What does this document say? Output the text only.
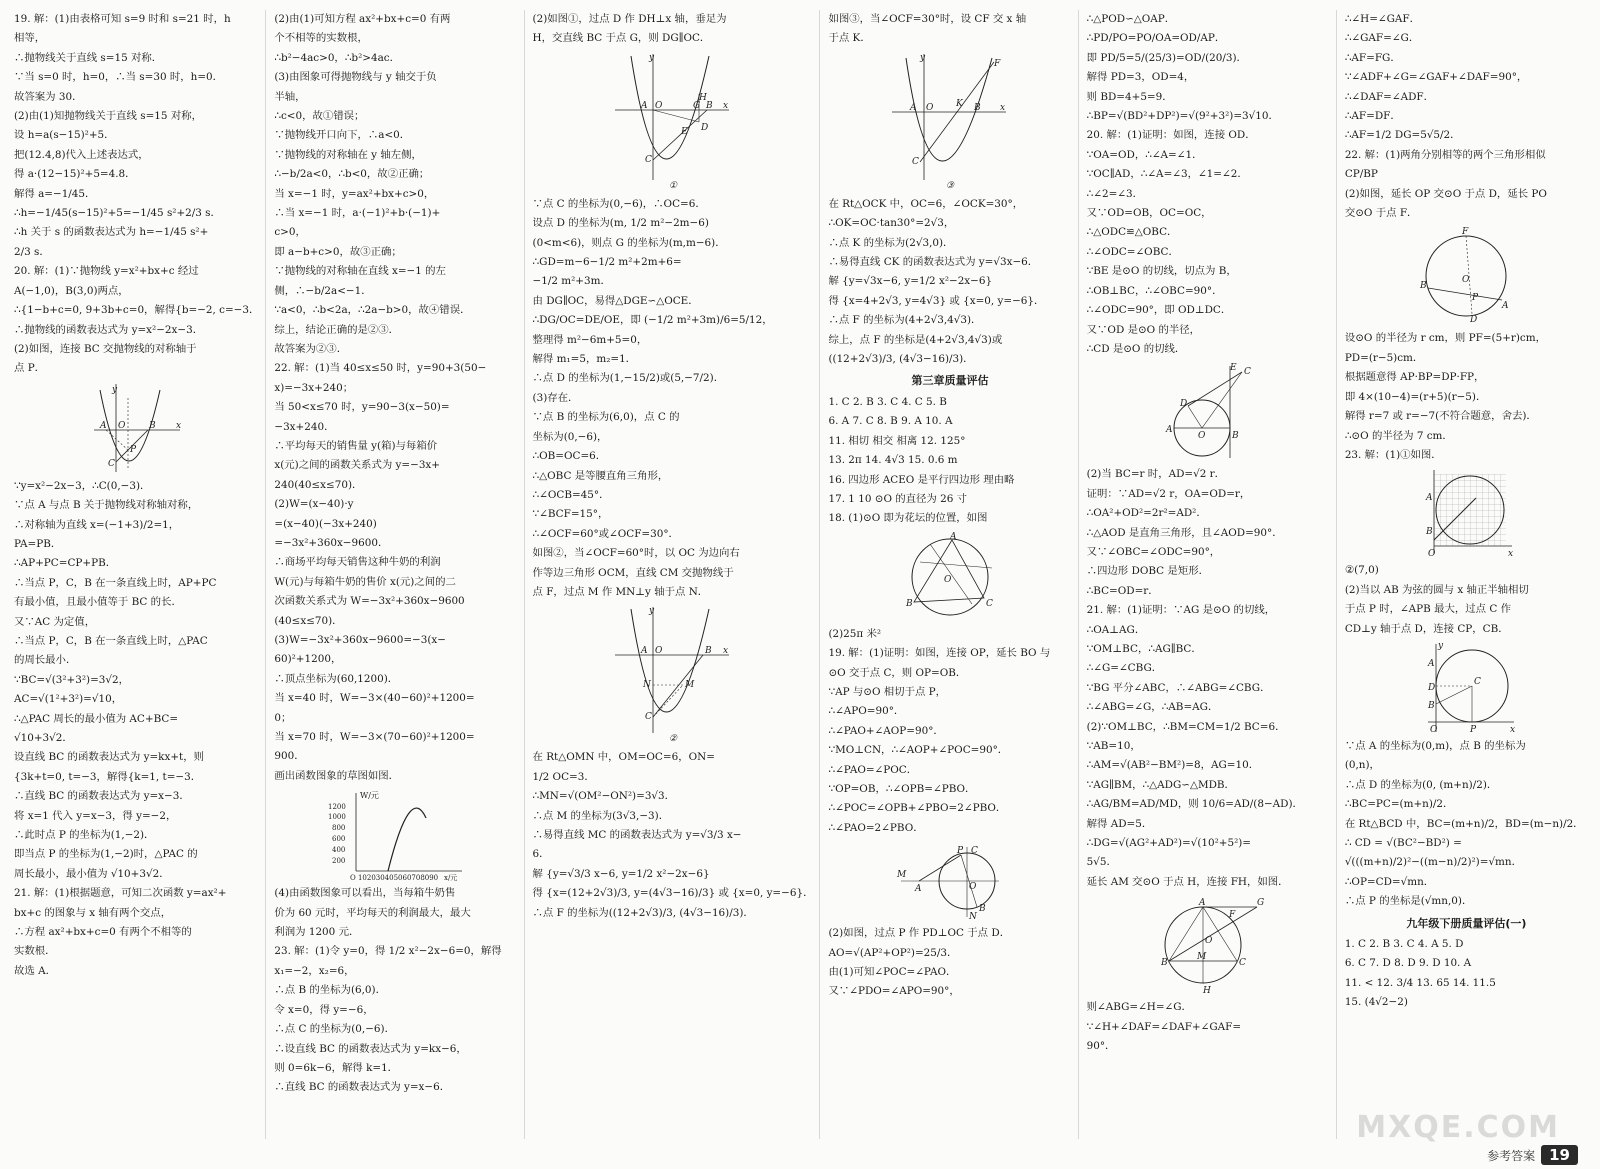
19. 解：(1)由表格可知 s=9 时和 s=21 时，h
相等，
∴抛物线关于直线 s=15 对称．
∵当 s=0 时，h=0，∴当 s=30 时，h=0．
故答案为 30．
(2)由(1)知抛物线关于直线 s=15 对称，
设 h=a(s−15)²+5．
把(12.4,8)代入上述表达式，
得 a·(12−15)²+5=4.8．
解得 a=−1/45．
∴h=−1/45(s−15)²+5=−1/45 s²+2/3 s．
∴h 关于 s 的函数表达式为 h=−1/45 s²+
2/3 s．
20. 解：(1)∵抛物线 y=x²+bx+c 经过
A(−1,0)，B(3,0)两点，
∴{1−b+c=0, 9+3b+c=0，解得{b=−2, c=−3．
∴抛物线的函数表达式为 y=x²−2x−3．
(2)如图，连接 BC 交抛物线的对称轴于
点 P．
y
x
A O	B
P
C
∵y=x²−2x−3，∴C(0,−3)．
∵点 A 与点 B 关于抛物线对称轴对称，
∴对称轴为直线 x=(−1+3)/2=1，
PA=PB．
∴AP+PC=CP+PB．
∴当点 P，C，B 在一条直线上时，AP+PC
有最小值，且最小值等于 BC 的长．
又∵AC 为定值，
∴当点 P，C，B 在一条直线上时，△PAC
的周长最小．
∵BC=√(3²+3²)=3√2，
AC=√(1²+3²)=√10，
∴△PAC 周长的最小值为 AC+BC=
√10+3√2．
设直线 BC 的函数表达式为 y=kx+t，则
{3k+t=0, t=−3，解得{k=1, t=−3．
∴直线 BC 的函数表达式为 y=x−3．
将 x=1 代入 y=x−3，得 y=−2，
∴此时点 P 的坐标为(1,−2)．
即当点 P 的坐标为(1,−2)时，△PAC 的
周长最小，最小值为 √10+3√2．
21. 解：(1)根据题意，可知二次函数 y=ax²+
bx+c 的图象与 x 轴有两个交点，
∴方程 ax²+bx+c=0 有两个不相等的
实数根．
故选 A．
(2)由(1)可知方程 ax²+bx+c=0 有两
个不相等的实数根，
∴b²−4ac>0，∴b²>4ac．
(3)由图象可得抛物线与 y 轴交于负
半轴，
∴c<0，故①错误；
∵抛物线开口向下，∴a<0．
∵抛物线的对称轴在 y 轴左侧，
∴−b/2a<0，∴b<0，故②正确；
当 x=−1 时，y=ax²+bx+c>0，
∴当 x=−1 时，a·(−1)²+b·(−1)+
c>0，
即 a−b+c>0，故③正确；
∵抛物线的对称轴在直线 x=−1 的左
侧，∴−b/2a<−1．
∵a<0，∴b<2a，∴2a−b>0，故④错误．
综上，结论正确的是②③．
故答案为②③．
22. 解：(1)当 40≤x≤50 时，y=90+3(50−
x)=−3x+240；
当 50<x≤70 时，y=90−3(x−50)=
−3x+240．
∴平均每天的销售量 y(箱)与每箱价
x(元)之间的函数关系式为 y=−3x+
240(40≤x≤70)．
(2)W=(x−40)·y
=(x−40)(−3x+240)
=−3x²+360x−9600．
∴商场平均每天销售这种牛奶的利润
W(元)与每箱牛奶的售价 x(元)之间的二
次函数关系式为 W=−3x²+360x−9600
(40≤x≤70)．
(3)W=−3x²+360x−9600=−3(x−
60)²+1200，
∴顶点坐标为(60,1200)．
当 x=40 时，W=−3×(40−60)²+1200=
0；
当 x=70 时，W=−3×(70−60)²+1200=
900．
画出函数图象的草图如图．
W/元
1200
1000
800
600
400
200
O 102030405060708090 x/元
(4)由函数图象可以看出，当每箱牛奶售
价为 60 元时，平均每天的利润最大，最大
利润为 1200 元．
23. 解：(1)令 y=0，得 1/2 x²−2x−6=0，解得
x₁=−2，x₂=6，
∴点 B 的坐标为(6,0)．
令 x=0，得 y=−6，
∴点 C 的坐标为(0,−6)．
∴设直线 BC 的函数表达式为 y=kx−6，
则 0=6k−6，解得 k=1．
∴直线 BC 的函数表达式为 y=x−6．
(2)如图①，过点 D 作 DH⊥x 轴，垂足为
H，交直线 BC 于点 G，则 DG∥OC．
y
x
A O	G
H
B
E D
C
①
∵点 C 的坐标为(0,−6)，∴OC=6．
设点 D 的坐标为(m, 1/2 m²−2m−6)
(0<m<6)，则点 G 的坐标为(m,m−6)．
∴GD=m−6−1/2 m²+2m+6=
−1/2 m²+3m．
由 DG∥OC，易得△DGE∽△OCE．
∴DG/OC=DE/OE，即 (−1/2 m²+3m)/6=5/12，
整理得 m²−6m+5=0，
解得 m₁=5，m₂=1．
∴点 D 的坐标为(1,−15/2)或(5,−7/2)．
(3)存在．
∵点 B 的坐标为(6,0)，点 C 的
坐标为(0,−6)，
∴OB=OC=6．
∴△OBC 是等腰直角三角形，
∴∠OCB=45°．
∵∠BCF=15°，
∴∠OCF=60°或∠OCF=30°．
如图②，当∠OCF=60°时，以 OC 为边向右
作等边三角形 OCM，直线 CM 交抛物线于
点 F，过点 M 作 MN⊥y 轴于点 N．
y
x
A O	B
N	M
C
②
在 Rt△OMN 中，OM=OC=6，ON=
1/2 OC=3．
∴MN=√(OM²−ON²)=3√3．
∴点 M 的坐标为(3√3,−3)．
∴易得直线 MC 的函数表达式为 y=√3/3 x−
6．
解 {y=√3/3 x−6, y=1/2 x²−2x−6}
得 {x=(12+2√3)/3, y=(4√3−16)/3} 或 {x=0, y=−6}．
∴点 F 的坐标为((12+2√3)/3, (4√3−16)/3)．
如图③，当∠OCF=30°时，设 CF 交 x 轴
于点 K．
y
x
A O	K B
F
C
③
在 Rt△OCK 中，OC=6，∠OCK=30°，
∴OK=OC·tan30°=2√3，
∴点 K 的坐标为(2√3,0)．
∴易得直线 CK 的函数表达式为 y=√3x−6．
解 {y=√3x−6, y=1/2 x²−2x−6}
得 {x=4+2√3, y=4√3} 或 {x=0, y=−6}．
∴点 F 的坐标为(4+2√3,4√3)．
综上，点 F 的坐标是(4+2√3,4√3)或
((12+2√3)/3, (4√3−16)/3)．
第三章质量评估
1. C 2. B 3. C 4. C 5. B
6. A 7. C 8. B 9. A 10. A
11. 相切 相交 相离 12. 125°
13. 2π 14. 4√3 15. 0.6 m
16. 四边形 ACEO 是平行四边形 理由略
17. 1 10 ⊙O 的直径为 26 寸
18. (1)⊙O 即为花坛的位置，如图
A
B	C
O
(2)25π 米²
19. 解：(1)证明：如图，连接 OP，延长 BO 与
⊙O 交于点 C，则 OP=OB．
∵AP 与⊙O 相切于点 P，
∴∠APO=90°．
∴∠PAO+∠AOP=90°．
∵MO⊥CN，∴∠AOP+∠POC=90°．
∴∠PAO=∠POC．
∵OP=OB，∴∠OPB=∠PBO．
∴∠POC=∠OPB+∠PBO=2∠PBO．
∴∠PAO=2∠PBO．
M
A
P C
O
B
N
(2)如图，过点 P 作 PD⊥OC 于点 D．
AO=√(AP²+OP²)=25/3．
由(1)可知∠POC=∠PAO．
又∵∠PDO=∠APO=90°，
∴△POD∽△OAP．
∴PD/PO=PO/OA=OD/AP．
即 PD/5=5/(25/3)=OD/(20/3)．
解得 PD=3，OD=4，
则 BD=4+5=9．
∴BP=√(BD²+DP²)=√(9²+3²)=3√10．
20. 解：(1)证明：如图，连接 OD．
∵OA=OD，∴∠A=∠1．
∵OC∥AD，∴∠A=∠3，∠1=∠2．
∴∠2=∠3．
又∵OD=OB，OC=OC，
∴△ODC≌△OBC．
∴∠ODC=∠OBC．
∵BE 是⊙O 的切线，切点为 B，
∴OB⊥BC，∴∠OBC=90°．
∴∠ODC=90°，即 OD⊥DC．
又∵OD 是⊙O 的半径，
∴CD 是⊙O 的切线．
A
O	B
D
C
E
(2)当 BC=r 时，AD=√2 r．
证明：∵AD=√2 r，OA=OD=r，
∴OA²+OD²=2r²=AD²．
∴△AOD 是直角三角形，且∠AOD=90°．
又∵∠OBC=∠ODC=90°，
∴四边形 DOBC 是矩形．
∴BC=OD=r．
21. 解：(1)证明：∵AG 是⊙O 的切线，
∴OA⊥AG．
∵OM⊥BC，∴AG∥BC．
∴∠G=∠CBG．
∵BG 平分∠ABC，∴∠ABG=∠CBG．
∴∠ABG=∠G，∴AB=AG．
(2)∵OM⊥BC，∴BM=CM=1/2 BC=6．
∵AB=10，
∴AM=√(AB²−BM²)=8，AG=10．
∵AG∥BM，∴△ADG∽△MDB．
∴AG/BM=AD/MD，则 10/6=AD/(8−AD)．
解得 AD=5．
∴DG=√(AG²+AD²)=√(10²+5²)=
5√5．
延长 AM 交⊙O 于点 H，连接 FH，如图．
A	G
B	C
O
M
F
H
则∠ABG=∠H=∠G．
∵∠H+∠DAF=∠DAF+∠GAF=
90°．
∴∠H=∠GAF．
∴∠GAF=∠G．
∴AF=FG．
∵∠ADF+∠G=∠GAF+∠DAF=90°，
∴∠DAF=∠ADF．
∴AF=DF．
∴AF=1/2 DG=5√5/2．
22. 解：(1)两角分别相等的两个三角形相似
CP/BP
(2)如图，延长 OP 交⊙O 于点 D，延长 PO
交⊙O 于点 F．
F
B
A
O
P
D
设⊙O 的半径为 r cm，则 PF=(5+r)cm，
PD=(r−5)cm．
根据题意得 AP·BP=DP·FP，
即 4×(10−4)=(r+5)(r−5)．
解得 r=7 或 r=−7(不符合题意，舍去)．
∴⊙O 的半径为 7 cm．
23. 解：(1)①如图．
A
B
O	x
②(7,0)
(2)当以 AB 为弦的圆与 x 轴正半轴相切
于点 P 时，∠APB 最大，过点 C 作
CD⊥y 轴于点 D，连接 CP，CB．
A
D
B
C
P
O	x
y
∵点 A 的坐标为(0,m)，点 B 的坐标为
(0,n)，
∴点 D 的坐标为(0, (m+n)/2)．
∴BC=PC=(m+n)/2．
在 Rt△BCD 中，BC=(m+n)/2，BD=(m−n)/2．
∴ CD = √(BC²−BD²) =
√(((m+n)/2)²−((m−n)/2)²)=√mn．
∴OP=CD=√mn．
∴点 P 的坐标是(√mn,0)．
九年级下册质量评估(一)
1. C 2. B 3. C 4. A 5. D
6. C 7. D 8. D 9. D 10. A
11. < 12. 3/4 13. 65 14. 11.5
15. (4√2−2)
MXQE.COM
参考答案 19
